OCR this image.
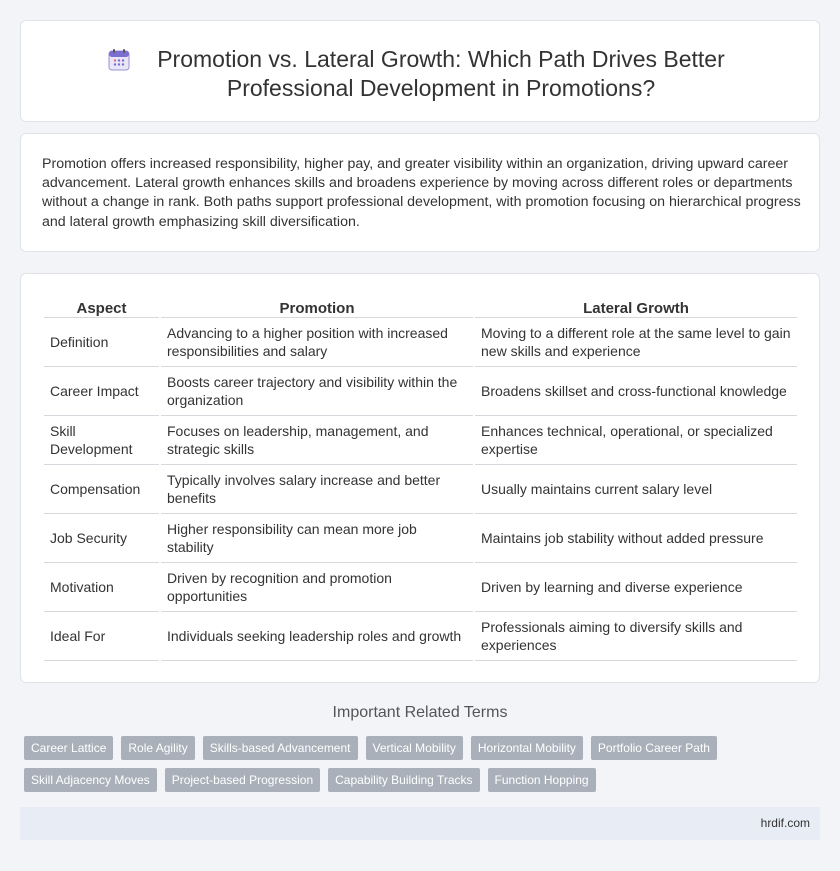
Promotion vs. Lateral Growth: Which Path Drives Better Professional Development in Promotions?

Promotion offers increased responsibility, higher pay, and greater visibility within an organization, driving upward career advancement. Lateral growth enhances skills and broadens experience by moving across different roles or departments without a change in rank. Both paths support professional development, with promotion focusing on hierarchical progress and lateral growth emphasizing skill diversification.

Aspect	Promotion	Lateral Growth
Definition	Advancing to a higher position with increased responsibilities and salary	Moving to a different role at the same level to gain new skills and experience
Career Impact	Boosts career trajectory and visibility within the organization	Broadens skillset and cross-functional knowledge
Skill Development	Focuses on leadership, management, and strategic skills	Enhances technical, operational, or specialized expertise
Compensation	Typically involves salary increase and better benefits	Usually maintains current salary level
Job Security	Higher responsibility can mean more job stability	Maintains job stability without added pressure
Motivation	Driven by recognition and promotion opportunities	Driven by learning and diverse experience
Ideal For	Individuals seeking leadership roles and growth	Professionals aiming to diversify skills and experiences
Important Related Terms
Career Lattice	Role Agility	Skills-based Advancement	Vertical Mobility	Horizontal Mobility	Portfolio Career Path
Skill Adjacency Moves	Project-based Progression	Capability Building Tracks	Function Hopping
hrdif.com
